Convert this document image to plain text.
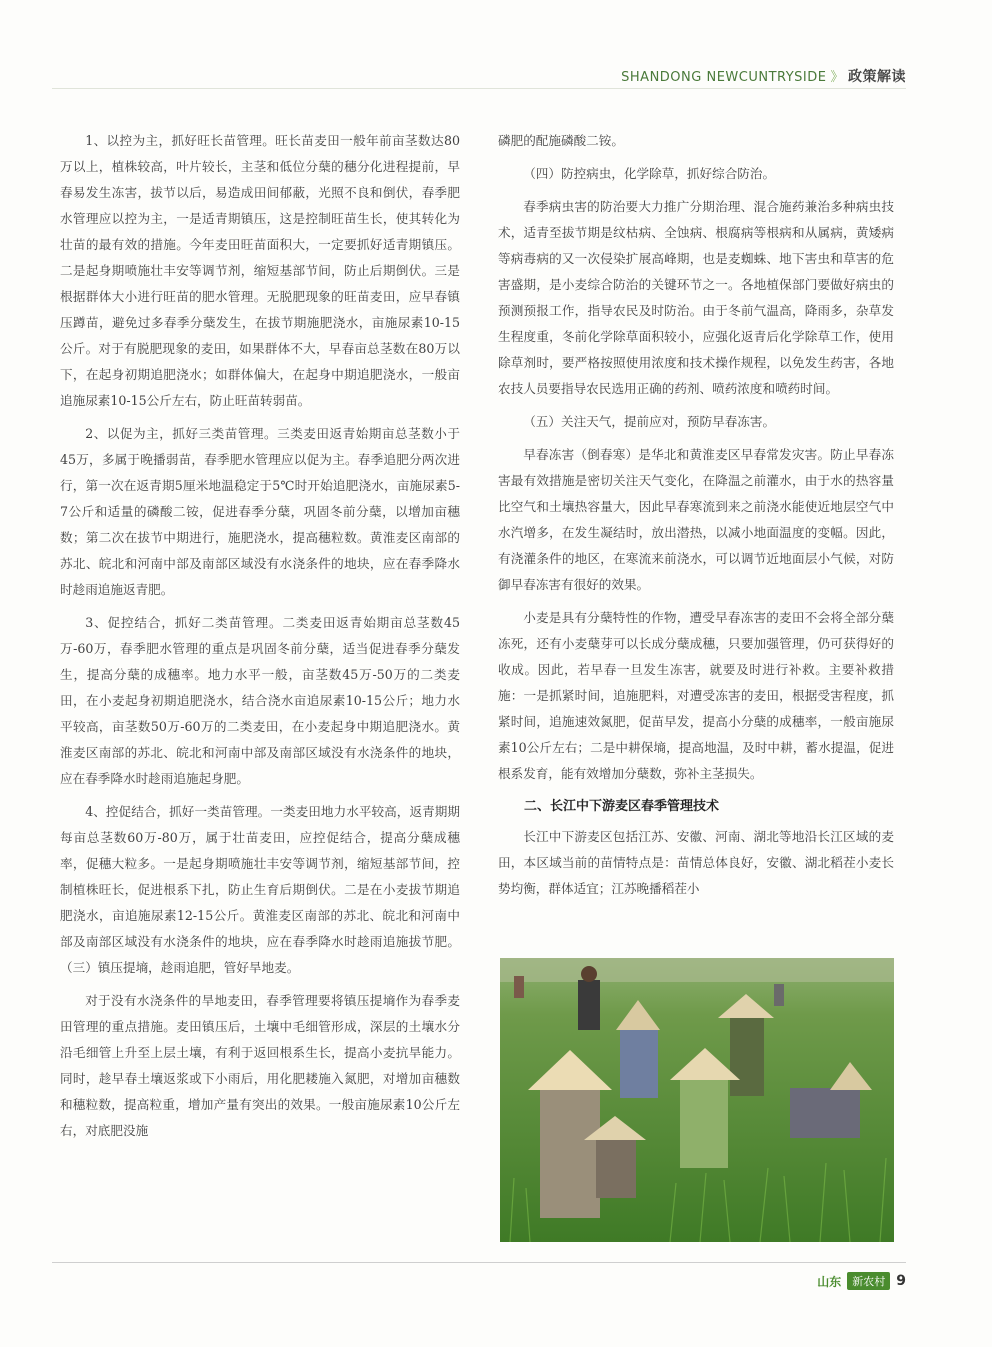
SHANDONG NEWCUNTRYSIDE 》 政策解读

1、以控为主，抓好旺长苗管理。旺长苗麦田一般年前亩茎数达80万以上，植株较高，叶片较长，主茎和低位分蘖的穗分化进程提前，早春易发生冻害，拔节以后，易造成田间郁蔽，光照不良和倒伏，春季肥水管理应以控为主，一是适青期镇压，这是控制旺苗生长，使其转化为壮苗的最有效的措施。今年麦田旺苗面积大，一定要抓好适青期镇压。二是起身期喷施壮丰安等调节剂，缩短基部节间，防止后期倒伏。三是根据群体大小进行旺苗的肥水管理。无脱肥现象的旺苗麦田，应早春镇压蹲苗，避免过多春季分蘖发生，在拔节期施肥浇水，亩施尿素10-15公斤。对于有脱肥现象的麦田，如果群体不大，早春亩总茎数在80万以下，在起身初期追肥浇水；如群体偏大，在起身中期追肥浇水，一般亩追施尿素10-15公斤左右，防止旺苗转弱苗。

2、以促为主，抓好三类苗管理。三类麦田返青始期亩总茎数小于45万，多属于晚播弱苗，春季肥水管理应以促为主。春季追肥分两次进行，第一次在返青期5厘米地温稳定于5℃时开始追肥浇水，亩施尿素5-7公斤和适量的磷酸二铵，促进春季分蘖，巩固冬前分蘖，以增加亩穗数；第二次在拔节中期进行，施肥浇水，提高穗粒数。黄淮麦区南部的苏北、皖北和河南中部及南部区域没有水浇条件的地块，应在春季降水时趁雨追施返青肥。

3、促控结合，抓好二类苗管理。二类麦田返青始期亩总茎数45万-60万，春季肥水管理的重点是巩固冬前分蘖，适当促进春季分蘖发生，提高分蘖的成穗率。地力水平一般，亩茎数45万-50万的二类麦田，在小麦起身初期追肥浇水，结合浇水亩追尿素10-15公斤；地力水平较高，亩茎数50万-60万的二类麦田，在小麦起身中期追肥浇水。黄淮麦区南部的苏北、皖北和河南中部及南部区域没有水浇条件的地块，应在春季降水时趁雨追施起身肥。

4、控促结合，抓好一类苗管理。一类麦田地力水平较高，返青期期每亩总茎数60万-80万，属于壮苗麦田，应控促结合，提高分蘖成穗率，促穗大粒多。一是起身期喷施壮丰安等调节剂，缩短基部节间，控制植株旺长，促进根系下扎，防止生育后期倒伏。二是在小麦拔节期追肥浇水，亩追施尿素12-15公斤。黄淮麦区南部的苏北、皖北和河南中部及南部区域没有水浇条件的地块，应在春季降水时趁雨追施拔节肥。 （三）镇压提墒，趁雨追肥，管好旱地麦。

对于没有水浇条件的旱地麦田，春季管理要将镇压提墒作为春季麦田管理的重点措施。麦田镇压后，土壤中毛细管形成，深层的土壤水分沿毛细管上升至上层土壤，有利于返回根系生长，提高小麦抗旱能力。同时，趁早春土壤返浆或下小雨后，用化肥耧施入氮肥，对增加亩穗数和穗粒数，提高粒重，增加产量有突出的效果。一般亩施尿素10公斤左右，对底肥没施

磷肥的配施磷酸二铵。

（四）防控病虫，化学除草，抓好综合防治。

春季病虫害的防治要大力推广分期治理、混合施药兼治多种病虫技术，适青至拔节期是纹枯病、全蚀病、根腐病等根病和从属病，黄矮病等病毒病的又一次侵染扩展高峰期，也是麦蜘蛛、地下害虫和草害的危害盛期，是小麦综合防治的关键环节之一。各地植保部门要做好病虫的预测预报工作，指导农民及时防治。由于冬前气温高，降雨多，杂草发生程度重，冬前化学除草面积较小，应强化返青后化学除草工作，使用除草剂时，要严格按照使用浓度和技术操作规程，以免发生药害，各地农技人员要指导农民选用正确的药剂、喷药浓度和喷药时间。

（五）关注天气，提前应对，预防早春冻害。

早春冻害（倒春寒）是华北和黄淮麦区早春常发灾害。防止早春冻害最有效措施是密切关注天气变化，在降温之前灌水，由于水的热容量比空气和土壤热容量大，因此早春寒流到来之前浇水能使近地层空气中水汽增多，在发生凝结时，放出潜热，以减小地面温度的变幅。因此，有浇灌条件的地区，在寒流来前浇水，可以调节近地面层小气候，对防御早春冻害有很好的效果。

小麦是具有分蘖特性的作物，遭受早春冻害的麦田不会将全部分蘖冻死，还有小麦蘖芽可以长成分蘖成穗，只要加强管理，仍可获得好的收成。因此，若早春一旦发生冻害，就要及时进行补救。主要补救措施：一是抓紧时间，追施肥料，对遭受冻害的麦田，根据受害程度，抓紧时间，追施速效氮肥，促苗早发，提高小分蘖的成穗率，一般亩施尿素10公斤左右；二是中耕保墒，提高地温，及时中耕，蓄水提温，促进根系发育，能有效增加分蘖数，弥补主茎损失。

二、长江中下游麦区春季管理技术

长江中下游麦区包括江苏、安徽、河南、湖北等地沿长江区域的麦田，本区域当前的苗情特点是：苗情总体良好，安徽、湖北稻茬小麦长势均衡，群体适宜；江苏晚播稻茬小

山东	新农村 9
